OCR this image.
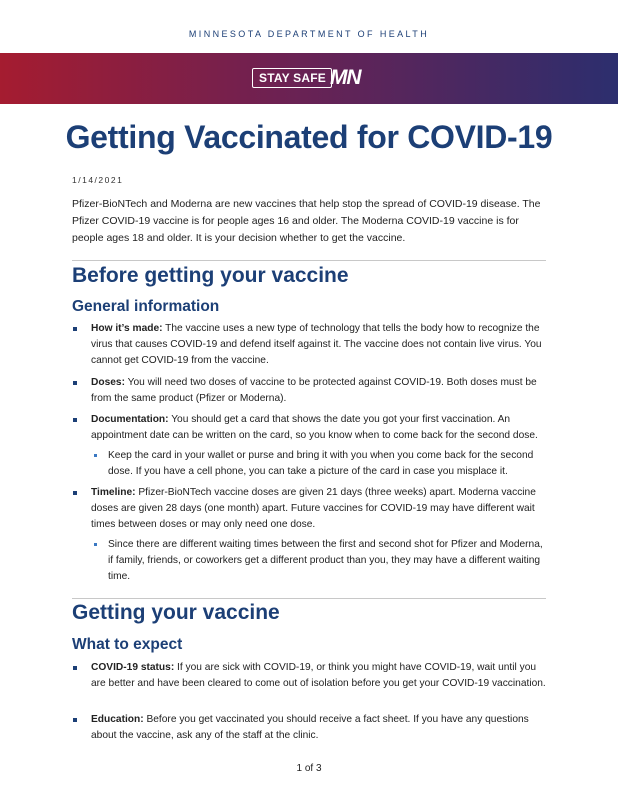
MINNESOTA DEPARTMENT OF HEALTH
STAY SAFE MN
Getting Vaccinated for COVID-19
1/14/2021
Pfizer-BioNTech and Moderna are new vaccines that help stop the spread of COVID-19 disease. The Pfizer COVID-19 vaccine is for people ages 16 and older. The Moderna COVID-19 vaccine is for people ages 18 and older. It is your decision whether to get the vaccine.
Before getting your vaccine
General information
How it’s made: The vaccine uses a new type of technology that tells the body how to recognize the virus that causes COVID-19 and defend itself against it. The vaccine does not contain live virus. You cannot get COVID-19 from the vaccine.
Doses: You will need two doses of vaccine to be protected against COVID-19. Both doses must be from the same product (Pfizer or Moderna).
Documentation: You should get a card that shows the date you got your first vaccination. An appointment date can be written on the card, so you know when to come back for the second dose.
Keep the card in your wallet or purse and bring it with you when you come back for the second dose. If you have a cell phone, you can take a picture of the card in case you misplace it.
Timeline: Pfizer-BioNTech vaccine doses are given 21 days (three weeks) apart. Moderna vaccine doses are given 28 days (one month) apart. Future vaccines for COVID-19 may have different wait times between doses or may only need one dose.
Since there are different waiting times between the first and second shot for Pfizer and Moderna, if family, friends, or coworkers get a different product than you, they may have a different waiting time.
Getting your vaccine
What to expect
COVID-19 status: If you are sick with COVID-19, or think you might have COVID-19, wait until you are better and have been cleared to come out of isolation before you get your COVID-19 vaccination.
Education: Before you get vaccinated you should receive a fact sheet. If you have any questions about the vaccine, ask any of the staff at the clinic.
1 of 3
